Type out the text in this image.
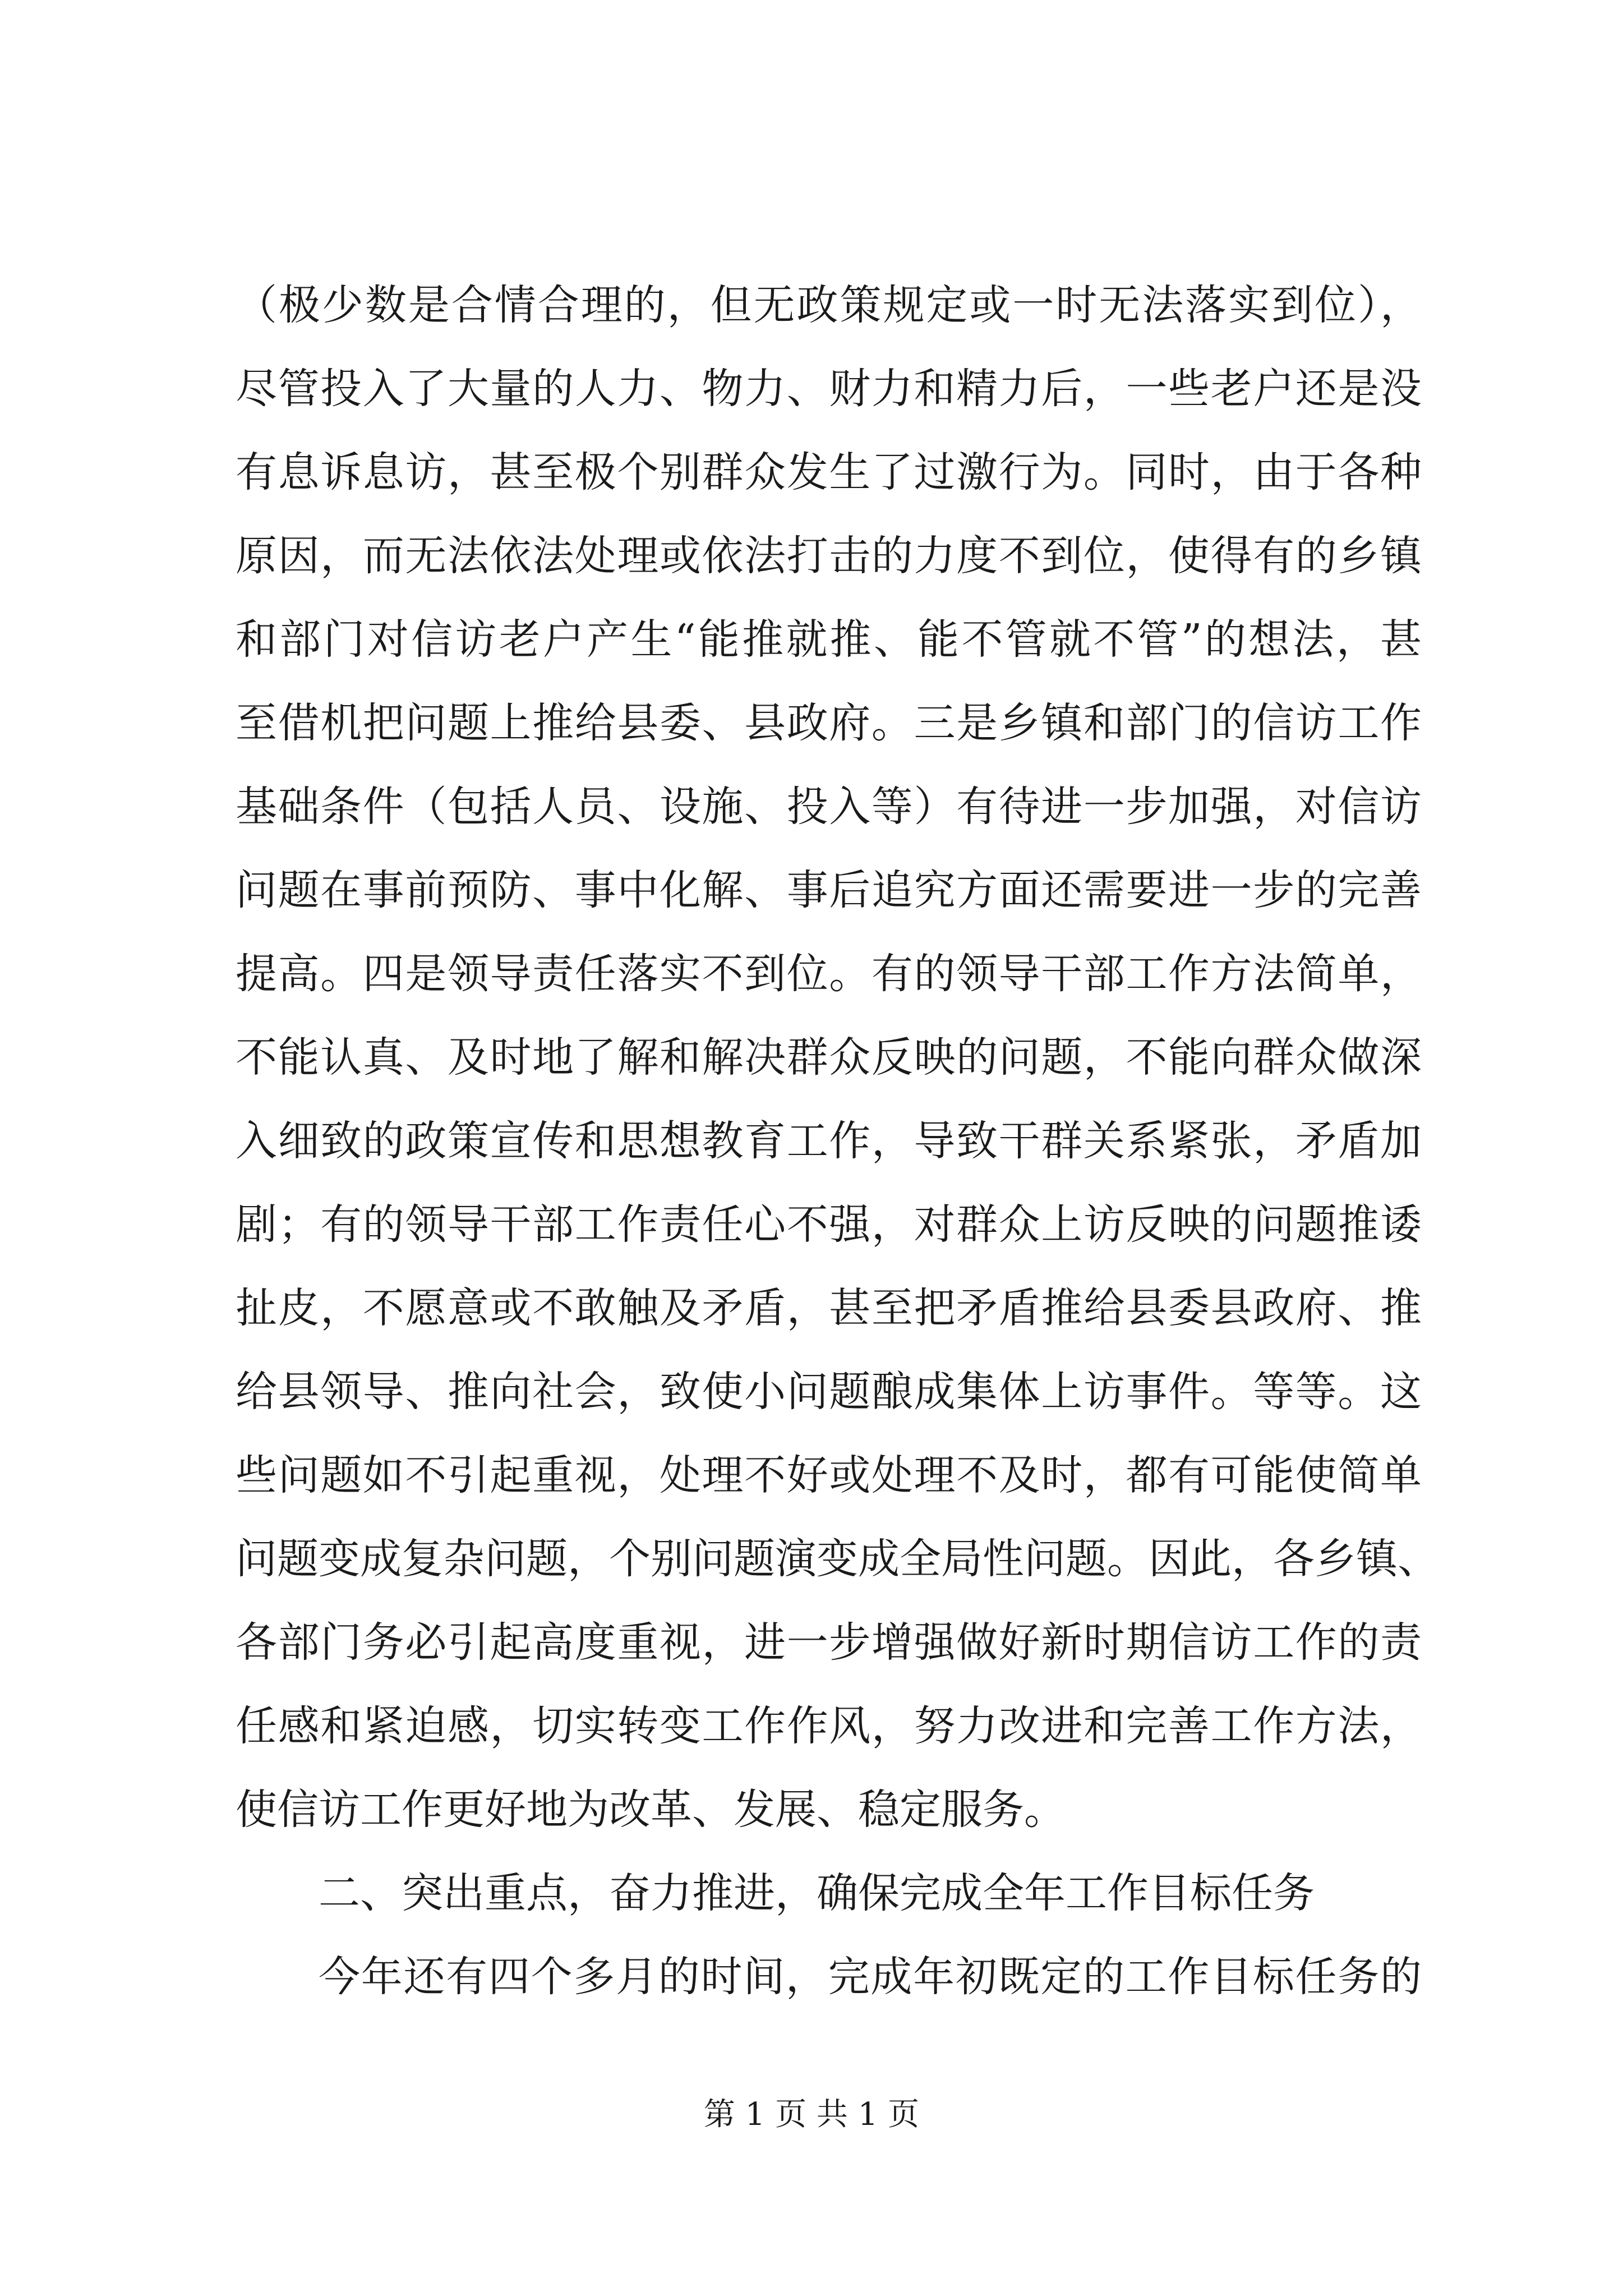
（极少数是合情合理的，但无政策规定或一时无法落实到位），
尽管投入了大量的人力、物力、财力和精力后，一些老户还是没
有息诉息访，甚至极个别群众发生了过激行为。同时，由于各种
原因，而无法依法处理或依法打击的力度不到位，使得有的乡镇
和部门对信访老户产生“能推就推、能不管就不管”的想法，甚
至借机把问题上推给县委、县政府。三是乡镇和部门的信访工作
基础条件（包括人员、设施、投入等）有待进一步加强，对信访
问题在事前预防、事中化解、事后追究方面还需要进一步的完善
提高。四是领导责任落实不到位。有的领导干部工作方法简单，
不能认真、及时地了解和解决群众反映的问题，不能向群众做深
入细致的政策宣传和思想教育工作，导致干群关系紧张，矛盾加
剧；有的领导干部工作责任心不强，对群众上访反映的问题推诿
扯皮，不愿意或不敢触及矛盾，甚至把矛盾推给县委县政府、推
给县领导、推向社会，致使小问题酿成集体上访事件。等等。这
些问题如不引起重视，处理不好或处理不及时，都有可能使简单
问题变成复杂问题，个别问题演变成全局性问题。因此，各乡镇、
各部门务必引起高度重视，进一步增强做好新时期信访工作的责
任感和紧迫感，切实转变工作作风，努力改进和完善工作方法，
使信访工作更好地为改革、发展、稳定服务。
二、突出重点，奋力推进，确保完成全年工作目标任务
今年还有四个多月的时间，完成年初既定的工作目标任务的
第 1 页 共 1 页
